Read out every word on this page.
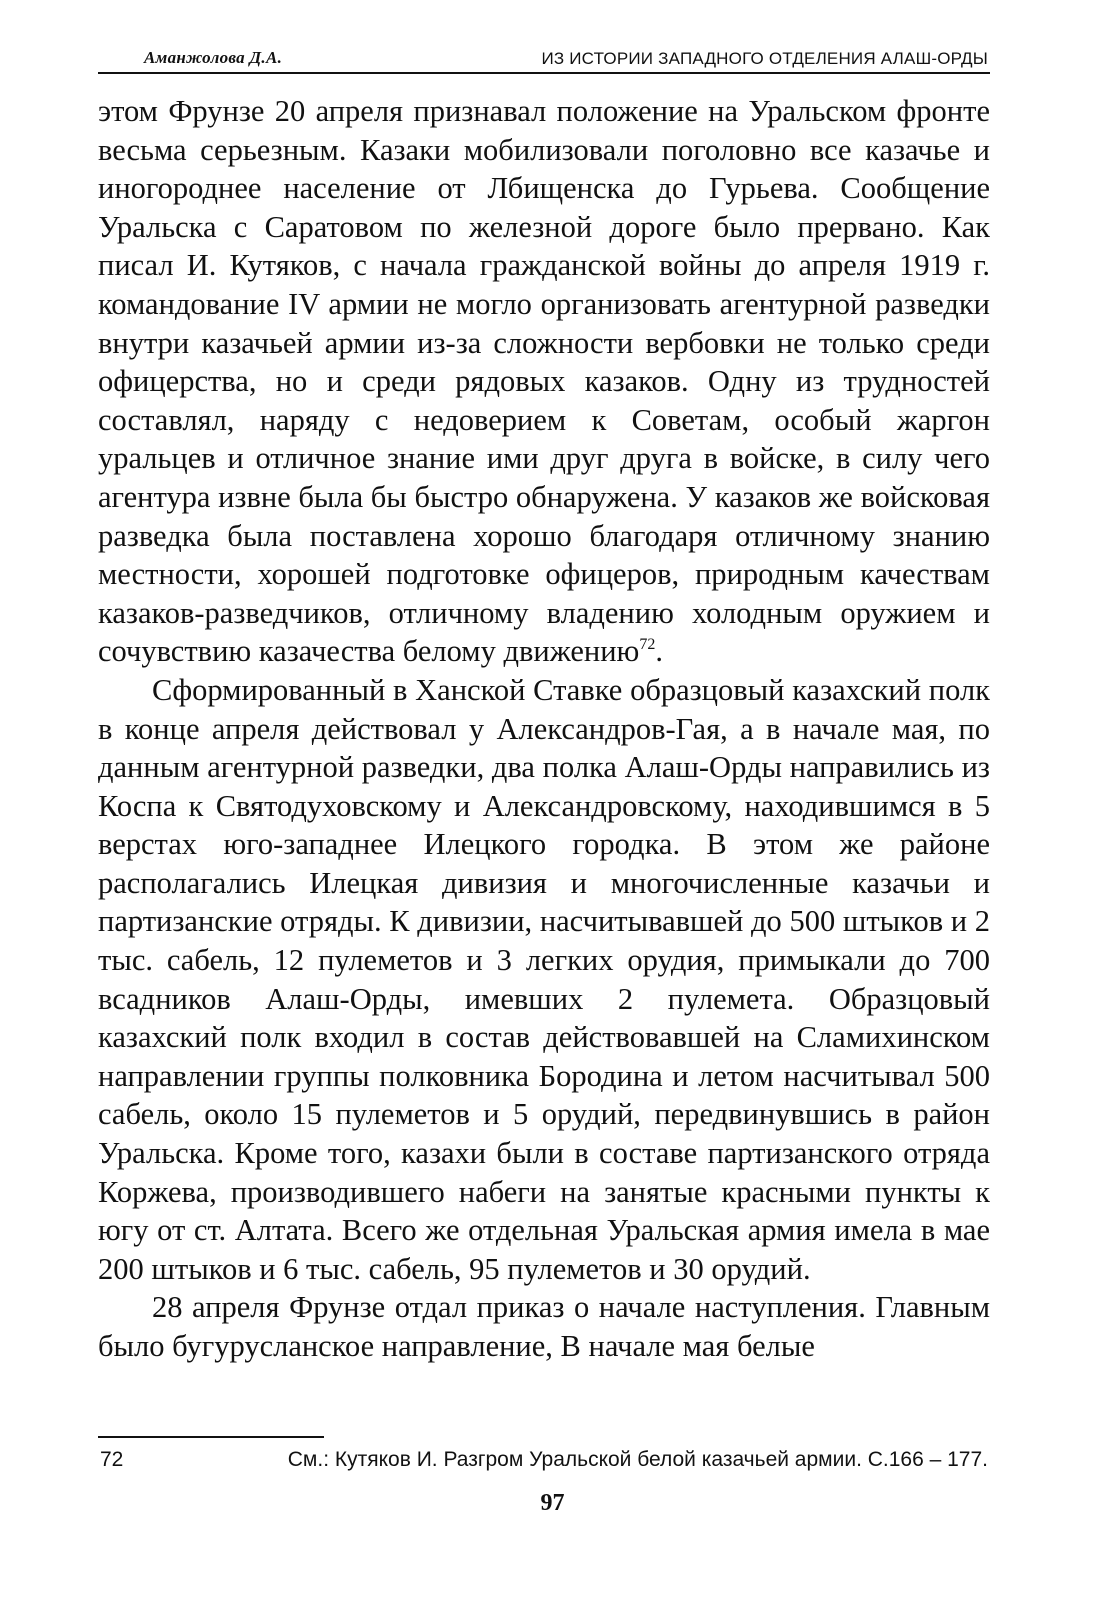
Аманжолова Д.А.	ИЗ ИСТОРИИ ЗАПАДНОГО ОТДЕЛЕНИЯ АЛАШ-ОРДЫ

этом Фрунзе 20 апреля признавал положение на Уральском фронте весьма серьезным. Казаки мобилизовали поголовно все казачье и иногороднее население от Лбищенска до Гурьева. Сообщение Уральска с Саратовом по железной дороге было прервано. Как писал И. Кутяков, с начала гражданской войны до апреля 1919 г. командование IV армии не могло организовать агентурной разведки внутри казачьей армии из-за сложности вербовки не только среди офицерства, но и среди рядовых казаков. Одну из трудностей составлял, наряду с недоверием к Советам, особый жаргон уральцев и отличное знание ими друг друга в войске, в силу чего агентура извне была бы быстро обнаружена. У казаков же войсковая разведка была поставлена хорошо благодаря отличному знанию местности, хорошей подготовке офицеров, природным качествам казаков-разведчиков, отличному владению холодным оружием и сочувствию казачества белому движению$^{72}$.

Сформированный в Ханской Ставке образцовый казахский полк в конце апреля действовал у Александров-Гая, а в начале мая, по данным агентурной разведки, два полка Алаш-Орды направились из Коспа к Святодуховскому и Александровскому, находившимся в 5 верстах юго-западнее Илецкого городка. В этом же районе располагались Илецкая дивизия и многочисленные казачьи и партизанские отряды. К дивизии, насчитывавшей до 500 штыков и 2 тыс. сабель, 12 пулеметов и 3 легких орудия, примыкали до 700 всадников Алаш-Орды, имевших 2 пулемета. Образцовый казахский полк входил в состав действовавшей на Сламихинском направлении группы полковника Бородина и летом насчитывал 500 сабель, около 15 пулеметов и 5 орудий, передвинувшись в район Уральска. Кроме того, казахи были в составе партизанского отряда Коржева, производившего набеги на занятые красными пункты к югу от ст. Алтата. Всего же отдельная Уральская армия имела в мае 200 штыков и 6 тыс. сабель, 95 пулеметов и 30 орудий.

28 апреля Фрунзе отдал приказ о начале наступления. Главным было бугурусланское направление, В начале мая белые

72	См.: Кутяков И. Разгром Уральской белой казачьей армии. С.166 – 177.
97
